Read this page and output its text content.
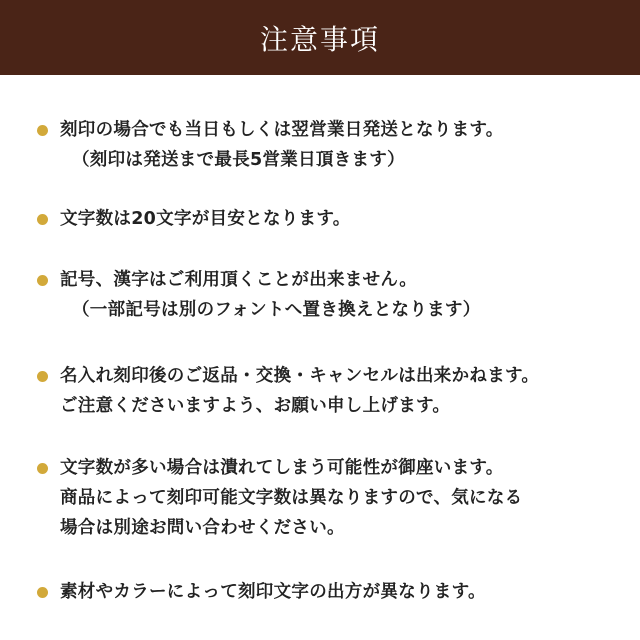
注意事項
刻印の場合でも当日もしくは翌営業日発送となります。
（刻印は発送まで最長5営業日頂きます）
文字数は20文字が目安となります。
記号、漢字はご利用頂くことが出来ません。
（一部記号は別のフォントへ置き換えとなります）
名入れ刻印後のご返品・交換・キャンセルは出来かねます。
ご注意くださいますよう、お願い申し上げます。
文字数が多い場合は潰れてしまう可能性が御座います。
商品によって刻印可能文字数は異なりますので、気になる
場合は別途お問い合わせください。
素材やカラーによって刻印文字の出方が異なります。
